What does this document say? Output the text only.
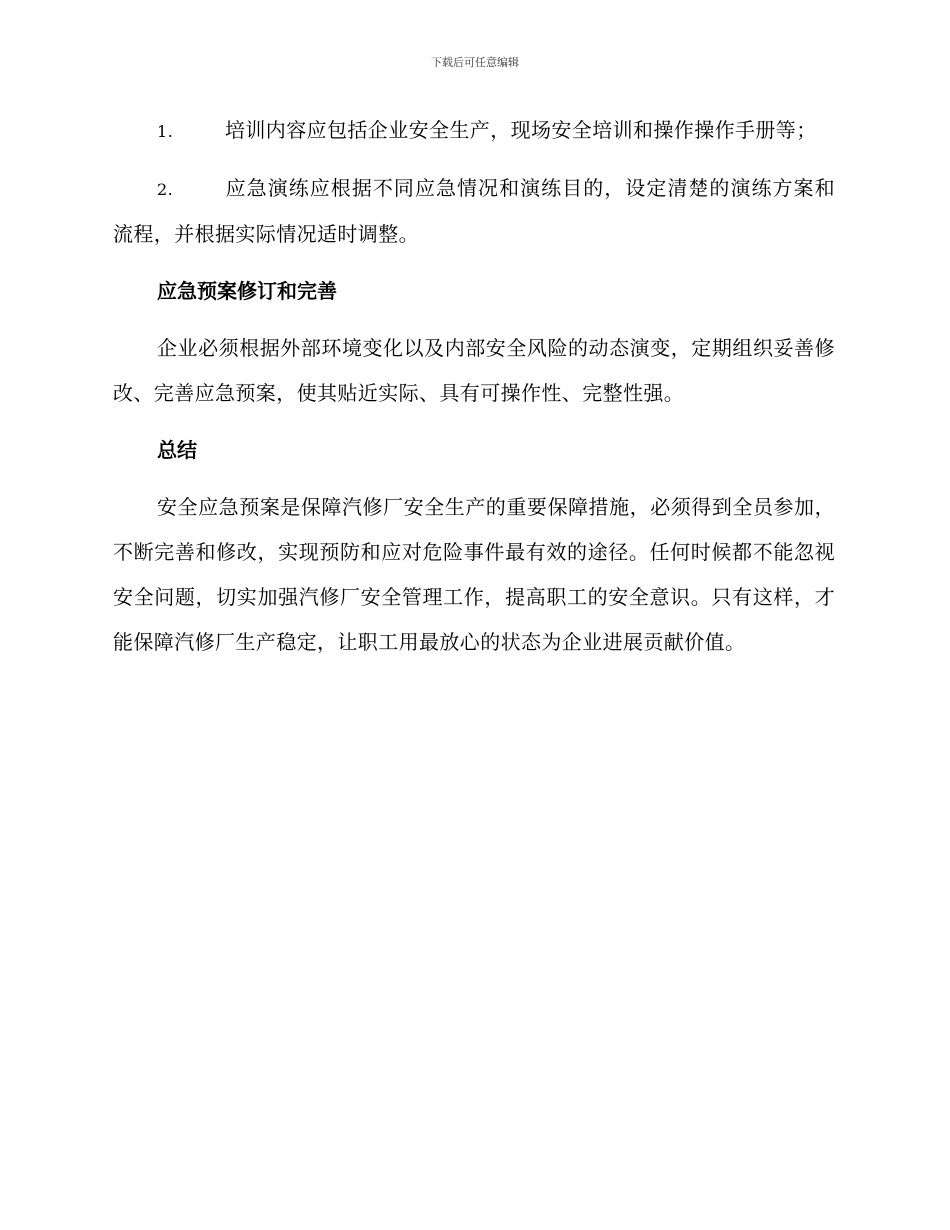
下载后可任意编辑

1.	培训内容应包括企业安全生产，现场安全培训和操作操作手册等；

2.	应急演练应根据不同应急情况和演练目的，设定清楚的演练方案和流程，并根据实际情况适时调整。

应急预案修订和完善

企业必须根据外部环境变化以及内部安全风险的动态演变，定期组织妥善修改、完善应急预案，使其贴近实际、具有可操作性、完整性强。

总结

安全应急预案是保障汽修厂安全生产的重要保障措施，必须得到全员参加，不断完善和修改，实现预防和应对危险事件最有效的途径。任何时候都不能忽视安全问题，切实加强汽修厂安全管理工作，提高职工的安全意识。只有这样，才能保障汽修厂生产稳定，让职工用最放心的状态为企业进展贡献价值。
